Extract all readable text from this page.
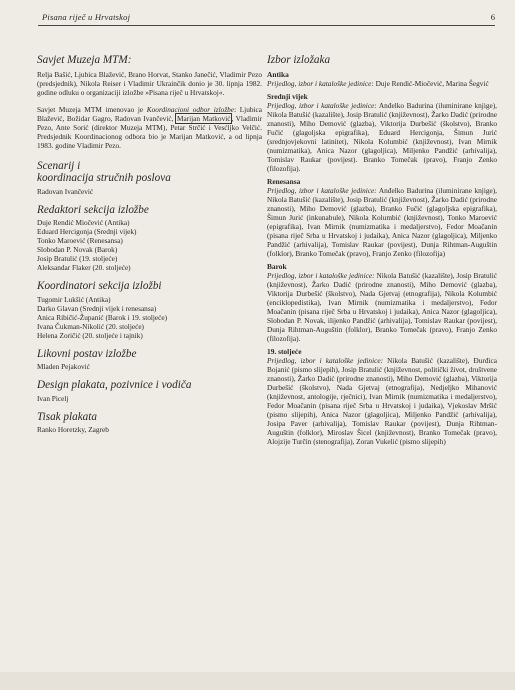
Pisana riječ u Hrvatskoj	6

Savjet Muzeja MTM:

Relja Bašić, Ljubica Blažević, Brano Horvat, Stanko Janečić, Vladimir Pezo (predsjednik), Nikola Reiser i Vladimir Ukrainčik donio je 30. lipnja 1982. godine odluku o organizaciji izložbe »Pisana riječ u Hrvatskoj«.

Savjet Muzeja MTM imenovao je Koordinacioni odbor izložbe: Ljubica Blažević, Božidar Gagro, Radovan Ivančević, Marijan Matković, Vladimir Pezo, Ante Sorić (direktor Muzeja MTM), Petar Strčić i Vesćljko Velčić. Predsjednik Koordinacionog odbora bio je Marijan Matković, a od lipnja 1983. godine Vladimir Pezo.

Scenarij i

koordinacija stručnih poslova

Radovan Ivančević

Redaktori sekcija izložbe

Duje Rendić Miočević (Antika)

Eduard Hercigonja (Srednji vijek)

Tonko Maroević (Renesansa)

Slobodan P. Novak (Barok)

Josip Bratulić (19. stoljeće)

Aleksandar Flaker (20. stoljeće)

Koordinatori sekcija izložbi

Tugomir Lukšić (Antika)

Darko Glavan (Srednji vijek i renesansa)

Anica Ribičić-Županić (Barok i 19. stoljeće)

Ivana Čukman-Nikolić (20. stoljeće)

Helena Zoričić (20. stoljeće i tajnik)

Likovni postav izložbe

Mladen Pejaković

Design plakata, pozivnice i vodiča

Ivan Picelj

Tisak plakata

Ranko Horetzky, Zagreb

Izbor izložaka

Antika

Prijedlog, izbor i kataloške jedinice: Duje Rendić-Miočević, Marina Šegvić

Srednji vijek

Prijedlog, izbor i kataloške jedinice: Anđelko Badurina (iluminirane knjige), Nikola Batušić (kazalište), Josip Bratulić (književnost), Žarko Dadić (prirodne znanosti), Miho Demović (glazba), Viktorija Durbešić (školstvo), Branko Fučić (glagoljska epigrafika), Eduard Hercigonja, Šimun Jurić (srednjovjekovni latinitet), Nikola Kolumbić (književnost), Ivan Mirnik (numizmatika), Anica Nazor (glagoljica), Miljenko Pandžić (arhivalija), Tomislav Raukar (povijest). Branko Tomečak (pravo), Franjo Zenko (filozofija).

Renesansa

Prijedlog, izbor i kataloške jedinice: Anđelko Badurina (iluminirane knjige), Nikola Batušić (kazalište), Josip Bratulić (književnost), Žarko Dadić (prirodne znanosti), Miho Demović (glazba), Branko Fučić (glagoljska epigrafika), Šimun Jurić (inkunabule), Nikola Kolumbić (književnost), Tonko Maroević (epigrafika), Ivan Mirnik (numizmatika i medaljerstvo), Fedor Moačanin (pisana riječ Srba u Hrvatskoj i judaika), Anica Nazor (glagoljica), Miljenko Pandžić (arhivalija), Tomislav Raukar (povijest), Dunja Rihtman-Auguštin (folklor), Branko Tomečak (pravo), Franjo Zenko (filozofija)

Barok

Prijedlog, izbor i kataloške jedinice: Nikola Batušić (kazalište), Josip Bratulić (književnost), Žarko Dadić (prirodne znanosti), Miho Demović (glazba), Viktorija Durbešić (školstvo), Nada Gjetvaj (etnografija), Nikola Kolumbić (enciklopedistika), Ivan Mirnik (numizmatika i medaljerstvo), Fedor Moačanin (pisana riječ Srba u Hrvatskoj i judaika), Anica Nazor (glagoljica), Slobodan P. Novak, ilijenko Pandžić (arhivalija), Tomislav Raukar (povijest), Dunja Rihtman-Auguštin (folklor), Branko Tomečak (pravo), Franjo Zenko (filozofija).

19. stoljeće

Prijedlog, izbor i kataloške jedinice: Nikola Batušić (kazalište), Đurđica Bojanić (pismo slijepih), Josip Bratulić (književnost, politički život, društvene znanosti), Žarko Dadić (prirodne znanosti), Miho Demović (glazba), Viktorija Durbešić (školstvo), Nada Gjetvaj (etnografija), Nedjeljko Mihanović (književnost, antologije, rječnici), Ivan Mirnik (numizmatika i medaljerstvo), Fedor Moačanin (pisana riječ Srba u Hrvatskoj i judaika), Vjekoslav Mršić (pismo slijepih), Anica Nazor (glagoljica), Miljenko Pandžić (arhivalija), Josipa Paver (arhivalija), Tomislav Raukar (povijest), Dunja Rihtman-Auguštin (folklor), Miroslav Šicel (književnost), Branko Tomečak (pravo), Alojzije Turčin (stenografija), Zoran Vukelić (pismo slijepih)
